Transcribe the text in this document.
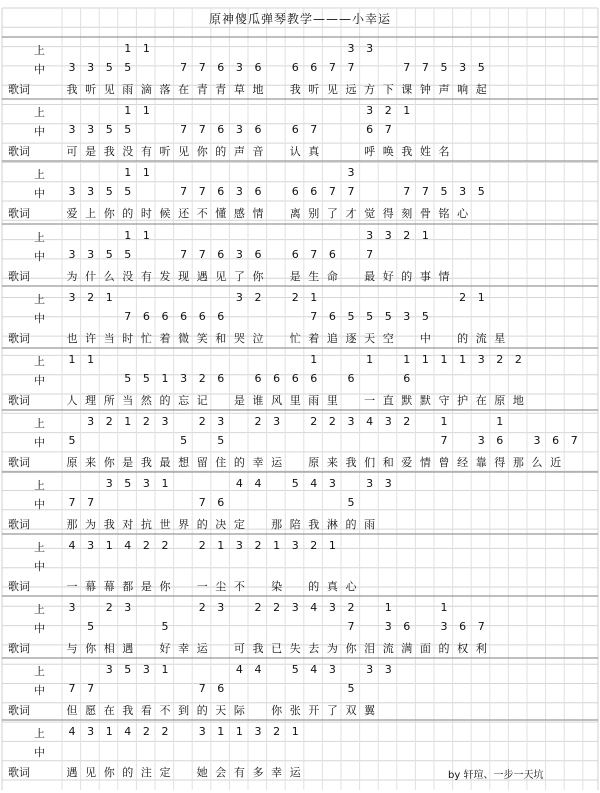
原神傻瓜弹琴教学———小幸运
上	1	1	3	3
中	3	3	5	5	7	7	6	3	6	6	6	7	7	7	7	5	3	5
歌词	我 听 见 雨 滴 落 在 青 青 草 地	我 听 见 远 方 下 课 钟 声 响 起
上	1	1	3	2	1
中	3	3	5	5	7	7	6	3	6	6	7	6	7
歌词	可 是 我 没 有 听 见 你 的 声 音	认 真	呼 唤 我 姓 名
上	1	1	3
中	3	3	5	5	7	7	6	3	6	6	6	7	7	7	7	5	3	5
歌词	爱 上 你 的 时 候 还 不 懂 感 情	离 别 了 才 觉 得 刻 骨 铭 心
上	1	1	3	3	2	1
中	3	3	5	5	7	7	6	3	6	6	7	6	7
歌词	为 什 么 没 有 发 现 遇 见 了 你	是 生 命	最 好 的 事 情
上	3	2	1	3	2	2	1	2	1
中	7	6	6	6	6	6	7	6	5	5	5	3	5
歌词	也 许 当 时 忙 着 微 笑 和 哭 泣	忙 着 追 逐 天 空	中	的 流 星
上	1	1	1	1	1	1	1	1	3	2	2
中	5	5	1	3	2	6	6	6	6	6	6	6
歌词	人 理 所 当 然 的 忘 记	是 谁 风 里 雨 里	一 直 默 默 守 护 在 原 地
上	3	2	1	2	3	2	3	2	3	2	2	3	4	3	2	1	1
中	5	5	5	7	3	6	3	6	7
歌词	原 来 你 是 我 最 想 留 住 的 幸 运	原 来 我 们 和 爱 情 曾 经 靠 得 那 么 近
上	3	5	3	1	4	4	5	4	3	3	3
中	7	7	7	6	5
歌词	那 为 我 对 抗 世 界 的 决 定	那 陪 我 淋 的 雨
上	4	3	1	4	2	2	2	1	3	2	1	3	2	1
中
歌词	一 幕 幕 都 是 你	一 尘 不	染	的 真 心
上	3	2	3	2	3	2	2	3	4	3	2	1	1
中	5	5	7	3	6	3	6	7
歌词	与 你 相 遇	好 幸 运	可 我 已 失 去 为 你 泪 流 满 面 的 权 利
上	3	5	3	1	4	4	5	4	3	3	3
中	7	7	7	6	5
歌词	但 愿 在 我 看 不 到 的 天 际	你 张 开 了 双 翼
上	4	3	1	4	2	2	3	1	1	3	2	1
中
歌词	遇 见 你 的 注 定	她 会 有 多 幸 运	by 轩瑄、一步一天坑
